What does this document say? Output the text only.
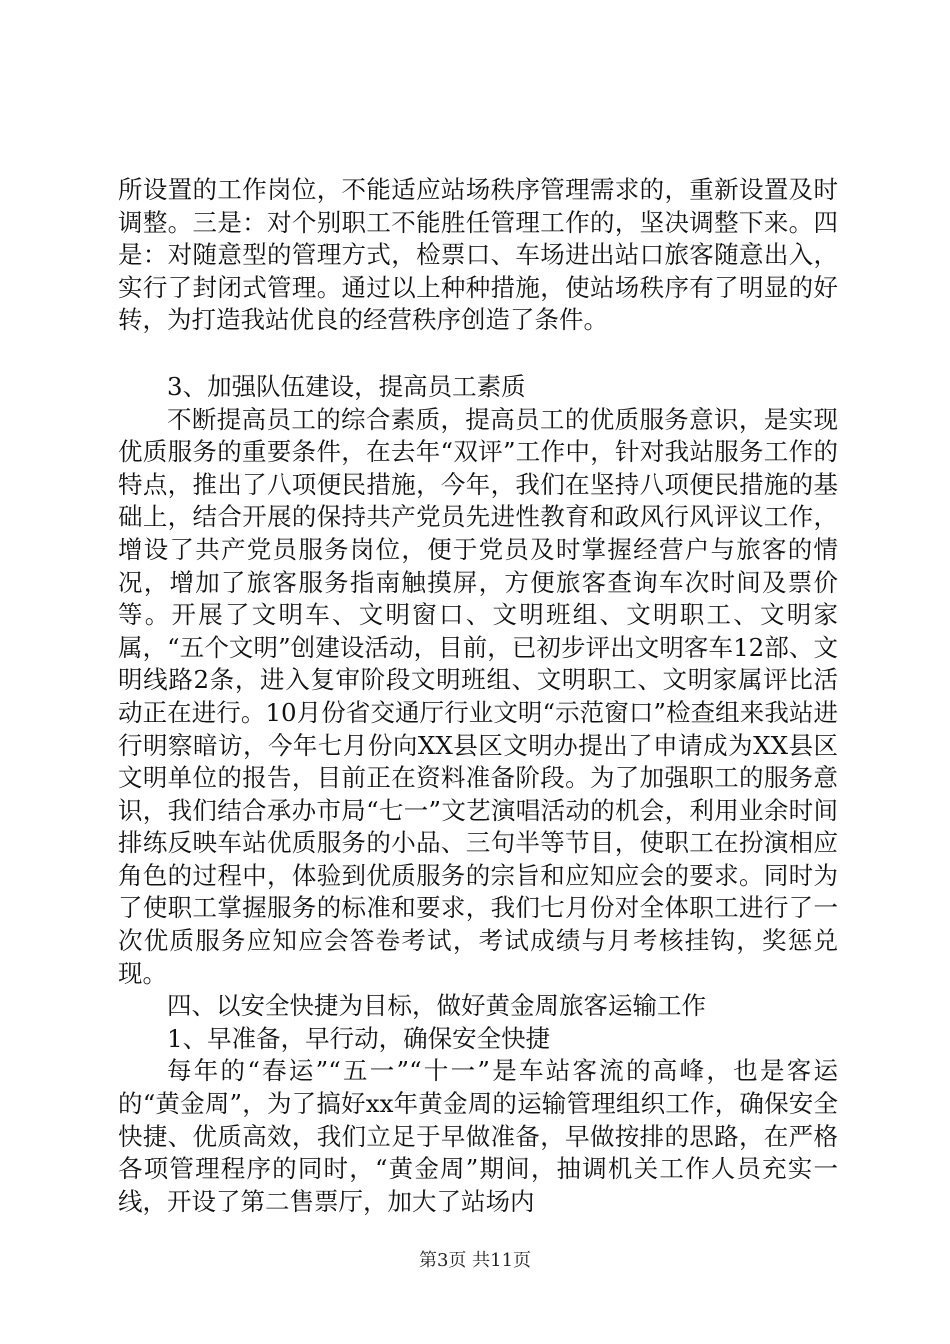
所设置的工作岗位，不能适应站场秩序管理需求的，重新设置及时调整。三是：对个别职工不能胜任管理工作的，坚决调整下来。四是：对随意型的管理方式，检票口、车场进出站口旅客随意出入，实行了封闭式管理。通过以上种种措施，使站场秩序有了明显的好转，为打造我站优良的经营秩序创造了条件。

3、加强队伍建设，提高员工素质

不断提高员工的综合素质，提高员工的优质服务意识，是实现优质服务的重要条件，在去年“双评”工作中，针对我站服务工作的特点，推出了八项便民措施，今年，我们在坚持八项便民措施的基础上，结合开展的保持共产党员先进性教育和政风行风评议工作，增设了共产党员服务岗位，便于党员及时掌握经营户与旅客的情况，增加了旅客服务指南触摸屏，方便旅客查询车次时间及票价等。开展了文明车、文明窗口、文明班组、文明职工、文明家属，“五个文明”创建设活动，目前，已初步评出文明客车12部、文明线路2条，进入复审阶段文明班组、文明职工、文明家属评比活动正在进行。10月份省交通厅行业文明“示范窗口”检查组来我站进行明察暗访，今年七月份向XX县区文明办提出了申请成为XX县区文明单位的报告，目前正在资料准备阶段。为了加强职工的服务意识，我们结合承办市局“七一”文艺演唱活动的机会，利用业余时间排练反映车站优质服务的小品、三句半等节目，使职工在扮演相应角色的过程中，体验到优质服务的宗旨和应知应会的要求。同时为了使职工掌握服务的标准和要求，我们七月份对全体职工进行了一次优质服务应知应会答卷考试，考试成绩与月考核挂钩，奖惩兑现。

四、以安全快捷为目标，做好黄金周旅客运输工作

1、早准备，早行动，确保安全快捷

每年的“春运”“五一”“十一”是车站客流的高峰，也是客运的“黄金周”，为了搞好xx年黄金周的运输管理组织工作，确保安全快捷、优质高效，我们立足于早做准备，早做按排的思路，在严格各项管理程序的同时，“黄金周”期间，抽调机关工作人员充实一线，开设了第二售票厅，加大了站场内

第3页 共11页
